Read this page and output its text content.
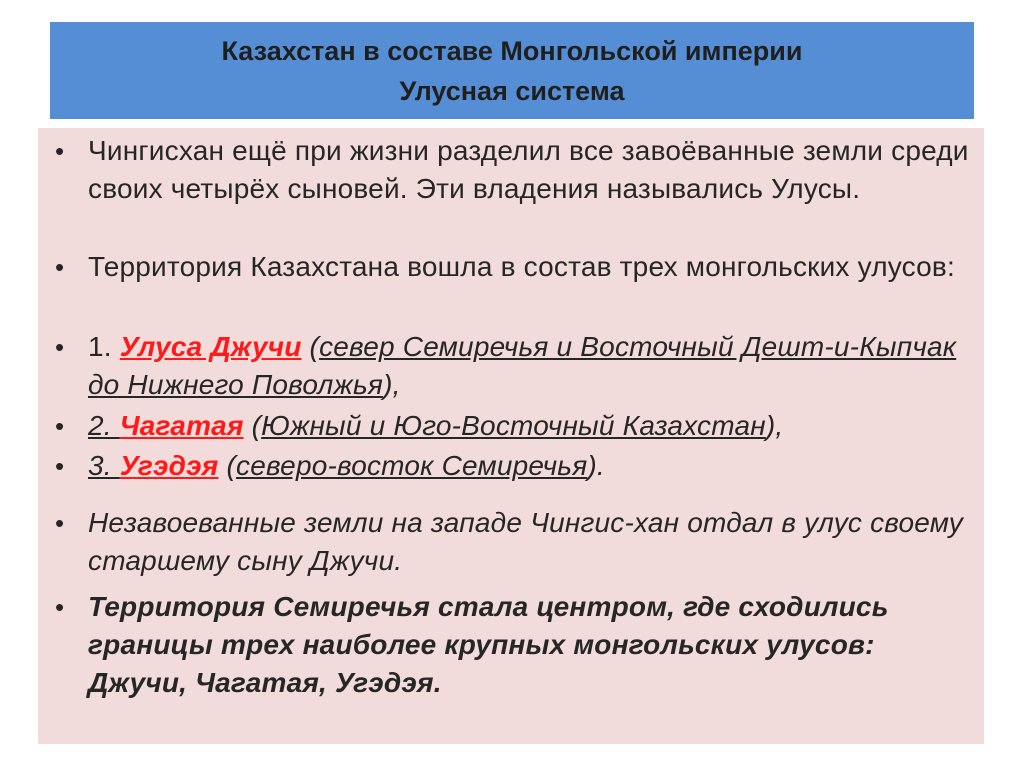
Казахстан в составе Монгольской империи
Улусная система
• Чингисхан ещё при жизни разделил все завоёванные земли среди своих четырёх сыновей. Эти владения назывались Улусы.
• Территория Казахстана вошла в состав трех монгольских улусов:
• 1. Улуса Джучи (север Семиречья и Восточный Дешт-и-Кыпчак до Нижнего Поволжья),
• 2. Чагатая (Южный и Юго-Восточный Казахстан),
• 3. Угэдэя (северо-восток Семиречья).
• Незавоеванные земли на западе Чингис-хан отдал в улус своему старшему сыну Джучи.
• Территория Семиречья стала центром, где сходились границы трех наиболее крупных монгольских улусов: Джучи, Чагатая, Угэдэя.
